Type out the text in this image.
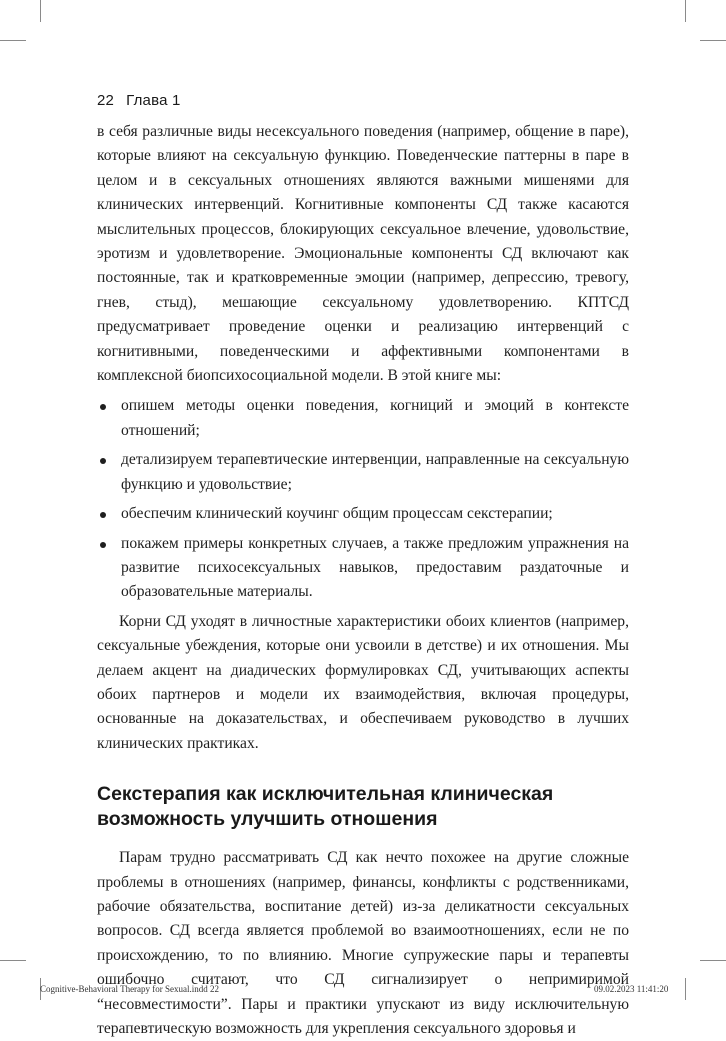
22 Глава 1

в себя различные виды несексуального поведения (например, общение в паре), которые влияют на сексуальную функцию. Поведенческие паттерны в паре в целом и в сексуальных отношениях являются важными мишенями для клинических интервенций. Когнитивные компоненты СД также касаются мыслительных процессов, блокирующих сексуальное влечение, удовольствие, эротизм и удовлетворение. Эмоциональные компоненты СД включают как постоянные, так и кратковременные эмоции (например, депрессию, тревогу, гнев, стыд), мешающие сексуальному удовлетворению. КПТСД предусматривает проведение оценки и реализацию интервенций с когнитивными, поведенческими и аффективными компонентами в комплексной биопсихосоциальной модели. В этой книге мы:

опишем методы оценки поведения, когниций и эмоций в контексте отношений;
детализируем терапевтические интервенции, направленные на сексуальную функцию и удовольствие;
обеспечим клинический коучинг общим процессам секстерапии;
покажем примеры конкретных случаев, а также предложим упражнения на развитие психосексуальных навыков, предоставим раздаточные и образовательные материалы.

Корни СД уходят в личностные характеристики обоих клиентов (например, сексуальные убеждения, которые они усвоили в детстве) и их отношения. Мы делаем акцент на диадических формулировках СД, учитывающих аспекты обоих партнеров и модели их взаимодействия, включая процедуры, основанные на доказательствах, и обеспечиваем руководство в лучших клинических практиках.

Секстерапия как исключительная клиническая возможность улучшить отношения

Парам трудно рассматривать СД как нечто похожее на другие сложные проблемы в отношениях (например, финансы, конфликты с родственниками, рабочие обязательства, воспитание детей) из-за деликатности сексуальных вопросов. СД всегда является проблемой во взаимоотношениях, если не по происхождению, то по влиянию. Многие супружеские пары и терапевты ошибочно считают, что СД сигнализирует о непримиримой “несовместимости”. Пары и практики упускают из виду исключительную терапевтическую возможность для укрепления сексуального здоровья и

Cognitive-Behavioral Therapy for Sexual.indd 22	09.02.2023 11:41:20
